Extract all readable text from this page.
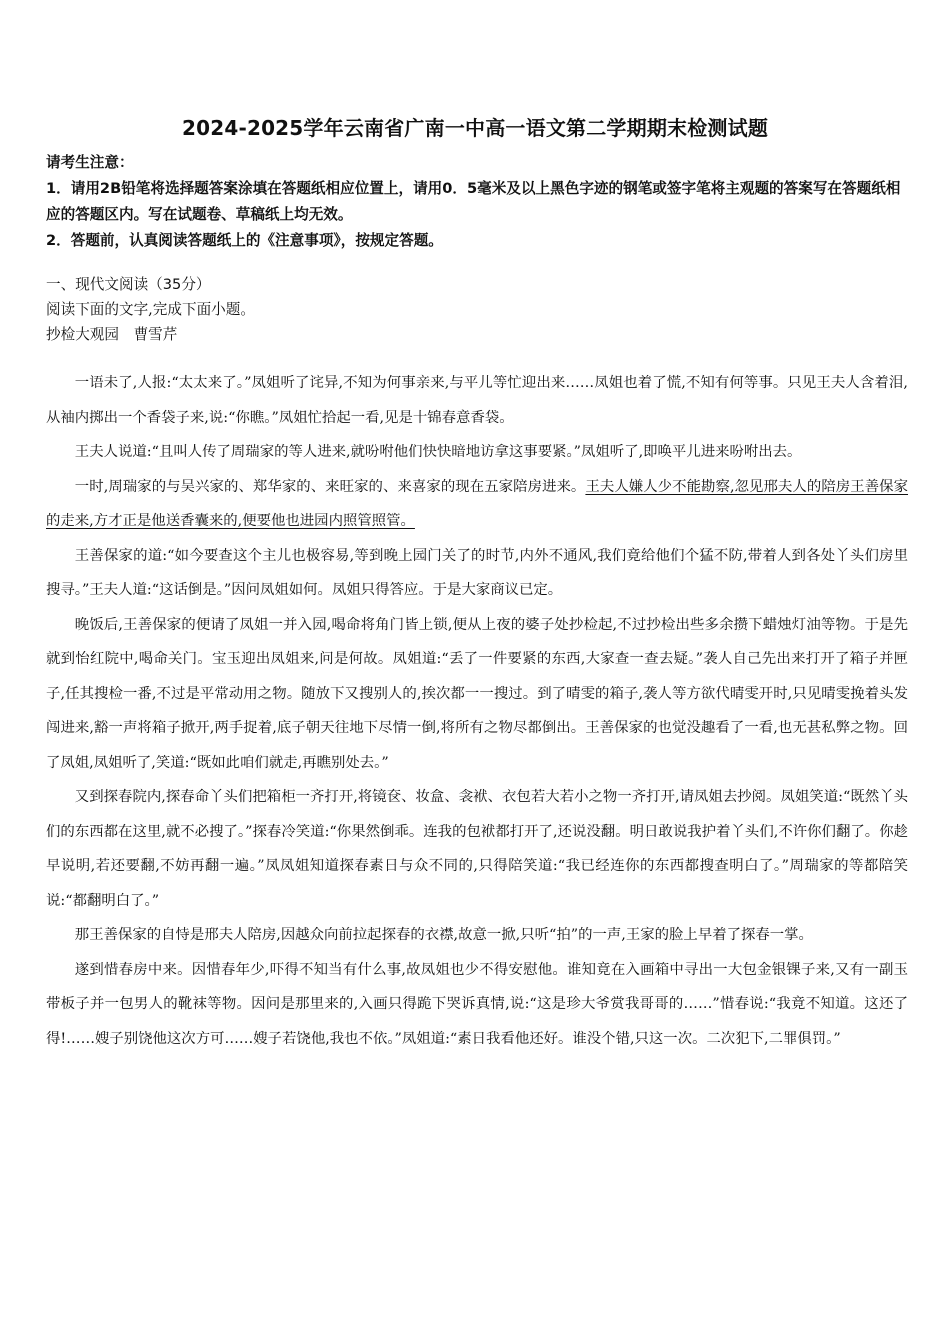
2024-2025学年云南省广南一中高一语文第二学期期末检测试题

请考生注意：

1．请用2B铅笔将选择题答案涂填在答题纸相应位置上，请用0．5毫米及以上黑色字迹的钢笔或签字笔将主观题的答案写在答题纸相应的答题区内。写在试题卷、草稿纸上均无效。

2．答题前，认真阅读答题纸上的《注意事项》，按规定答题。

一、现代文阅读（35分）

阅读下面的文字,完成下面小题。

抄检大观园　曹雪芹

一语未了,人报:“太太来了。”凤姐听了诧异,不知为何事亲来,与平儿等忙迎出来……凤姐也着了慌,不知有何等事。只见王夫人含着泪,从袖内掷出一个香袋子来,说:“你瞧。”凤姐忙拾起一看,见是十锦春意香袋。

王夫人说道:“且叫人传了周瑞家的等人进来,就吩咐他们快快暗地访拿这事要紧。”凤姐听了,即唤平儿进来吩咐出去。

一时,周瑞家的与吴兴家的、郑华家的、来旺家的、来喜家的现在五家陪房进来。王夫人嫌人少不能勘察,忽见邢夫人的陪房王善保家的走来,方才正是他送香囊来的,便要他也进园内照管照管。

王善保家的道:“如今要查这个主儿也极容易,等到晚上园门关了的时节,内外不通风,我们竟给他们个猛不防,带着人到各处丫头们房里搜寻。”王夫人道:“这话倒是。”因问凤姐如何。凤姐只得答应。于是大家商议已定。

晚饭后,王善保家的便请了凤姐一并入园,喝命将角门皆上锁,便从上夜的婆子处抄检起,不过抄检出些多余攒下蜡烛灯油等物。于是先就到怡红院中,喝命关门。宝玉迎出凤姐来,问是何故。凤姐道:“丢了一件要紧的东西,大家查一查去疑。”袭人自己先出来打开了箱子并匣子,任其搜检一番,不过是平常动用之物。随放下又搜别人的,挨次都一一搜过。到了晴雯的箱子,袭人等方欲代晴雯开时,只见晴雯挽着头发闯进来,豁一声将箱子掀开,两手捉着,底子朝天往地下尽情一倒,将所有之物尽都倒出。王善保家的也觉没趣看了一看,也无甚私弊之物。回了凤姐,凤姐听了,笑道:“既如此咱们就走,再瞧别处去。”

又到探春院内,探春命丫头们把箱柜一齐打开,将镜奁、妆盒、衾袱、衣包若大若小之物一齐打开,请凤姐去抄阅。凤姐笑道:“既然丫头们的东西都在这里,就不必搜了。”探春冷笑道:“你果然倒乖。连我的包袱都打开了,还说没翻。明日敢说我护着丫头们,不许你们翻了。你趁早说明,若还要翻,不妨再翻一遍。”凤凤姐知道探春素日与众不同的,只得陪笑道:“我已经连你的东西都搜查明白了。”周瑞家的等都陪笑说:“都翻明白了。”

那王善保家的自恃是邢夫人陪房,因越众向前拉起探春的衣襟,故意一掀,只听“拍”的一声,王家的脸上早着了探春一掌。

遂到惜春房中来。因惜春年少,吓得不知当有什么事,故凤姐也少不得安慰他。谁知竟在入画箱中寻出一大包金银锞子来,又有一副玉带板子并一包男人的靴袜等物。因问是那里来的,入画只得跪下哭诉真情,说:“这是珍大爷赏我哥哥的……”惜春说:“我竟不知道。这还了得!……嫂子别饶他这次方可……嫂子若饶他,我也不依。”凤姐道:“素日我看他还好。谁没个错,只这一次。二次犯下,二罪俱罚。”
